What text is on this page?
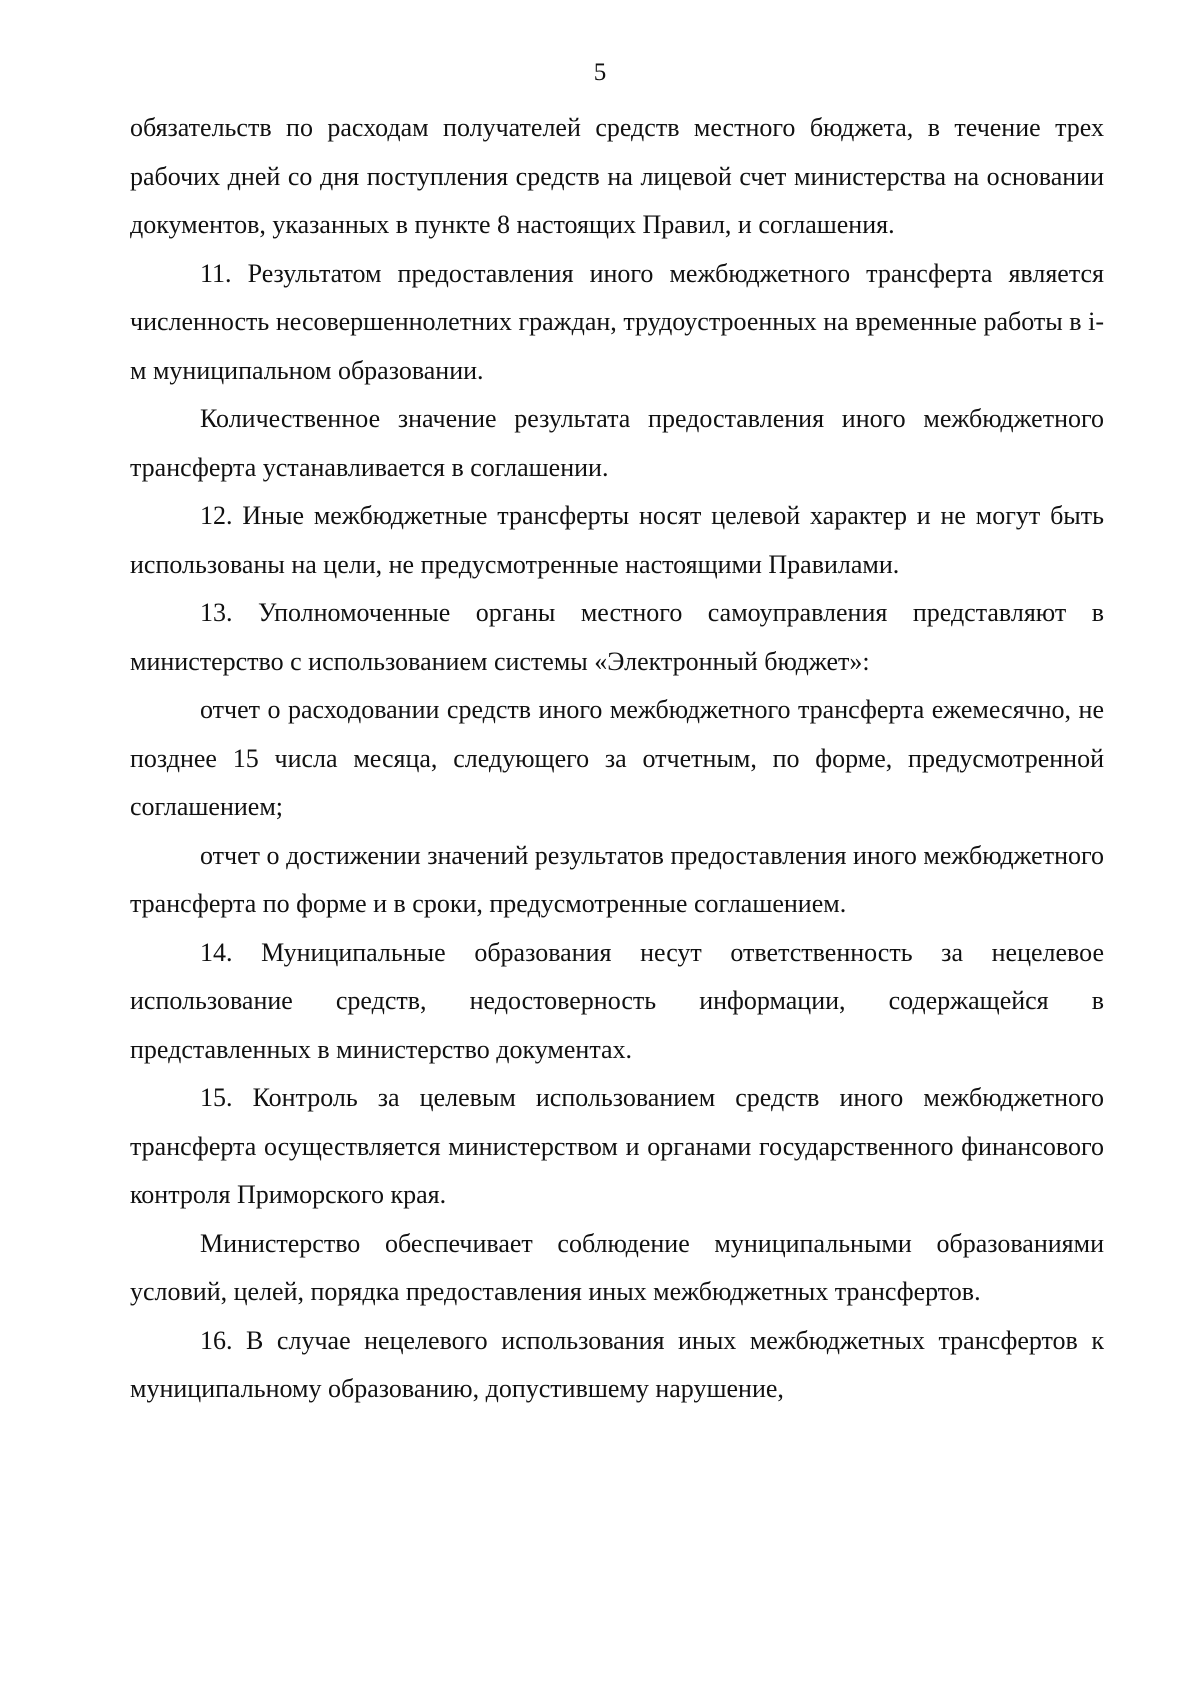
5

обязательств по расходам получателей средств местного бюджета, в течение трех рабочих дней со дня поступления средств на лицевой счет министерства на основании документов, указанных в пункте 8 настоящих Правил, и соглашения.

11. Результатом предоставления иного межбюджетного трансферта является численность несовершеннолетних граждан, трудоустроенных на временные работы в i-м муниципальном образовании.

Количественное значение результата предоставления иного межбюджетного трансферта устанавливается в соглашении.

12. Иные межбюджетные трансферты носят целевой характер и не могут быть использованы на цели, не предусмотренные настоящими Правилами.

13. Уполномоченные органы местного самоуправления представляют в министерство с использованием системы «Электронный бюджет»:

отчет о расходовании средств иного межбюджетного трансферта ежемесячно, не позднее 15 числа месяца, следующего за отчетным, по форме, предусмотренной соглашением;

отчет о достижении значений результатов предоставления иного межбюджетного трансферта по форме и в сроки, предусмотренные соглашением.

14. Муниципальные образования несут ответственность за нецелевое использование средств, недостоверность информации, содержащейся в представленных в министерство документах.

15. Контроль за целевым использованием средств иного межбюджетного трансферта осуществляется министерством и органами государственного финансового контроля Приморского края.

Министерство обеспечивает соблюдение муниципальными образованиями условий, целей, порядка предоставления иных межбюджетных трансфертов.

16. В случае нецелевого использования иных межбюджетных трансфертов к муниципальному образованию, допустившему нарушение,
